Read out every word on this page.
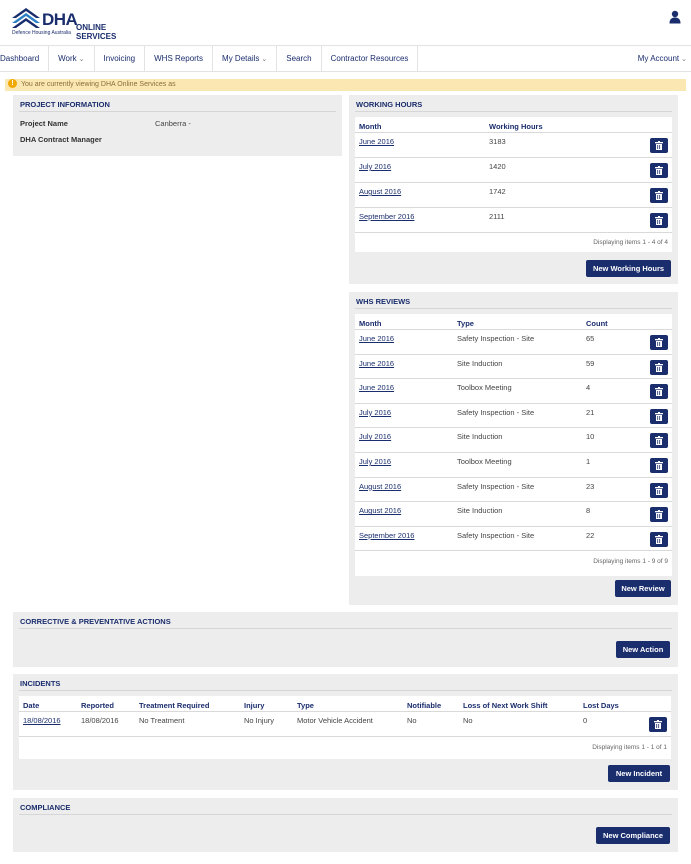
DHA
ONLINE SERVICES
Defence Housing Australia
Dashboard	Work ⌄	Invoicing	WHS Reports	My Details ⌄	Search	Contractor Resources	My Account ⌄
! You are currently viewing DHA Online Services as
PROJECT INFORMATION
Project Name	Canberra -
DHA Contract Manager
WORKING HOURS
Month	Working Hours
June 2016	3183
July 2016	1420
August 2016	1742
September 2016	2111
Displaying items 1 - 4 of 4
New Working Hours
WHS REVIEWS
Month	Type	Count
June 2016	Safety Inspection - Site	65
June 2016	Site Induction	59
June 2016	Toolbox Meeting	4
July 2016	Safety Inspection - Site	21
July 2016	Site Induction	10
July 2016	Toolbox Meeting	1
August 2016	Safety Inspection - Site	23
August 2016	Site Induction	8
September 2016	Safety Inspection - Site	22
Displaying items 1 - 9 of 9
New Review
CORRECTIVE & PREVENTATIVE ACTIONS
New Action
INCIDENTS
Date	Reported	Treatment Required	Injury	Type	Notifiable	Loss of Next Work Shift	Lost Days
18/08/2016	18/08/2016	No Treatment	No Injury	Motor Vehicle Accident	No	No	0
Displaying items 1 - 1 of 1
New Incident
COMPLIANCE
New Compliance
